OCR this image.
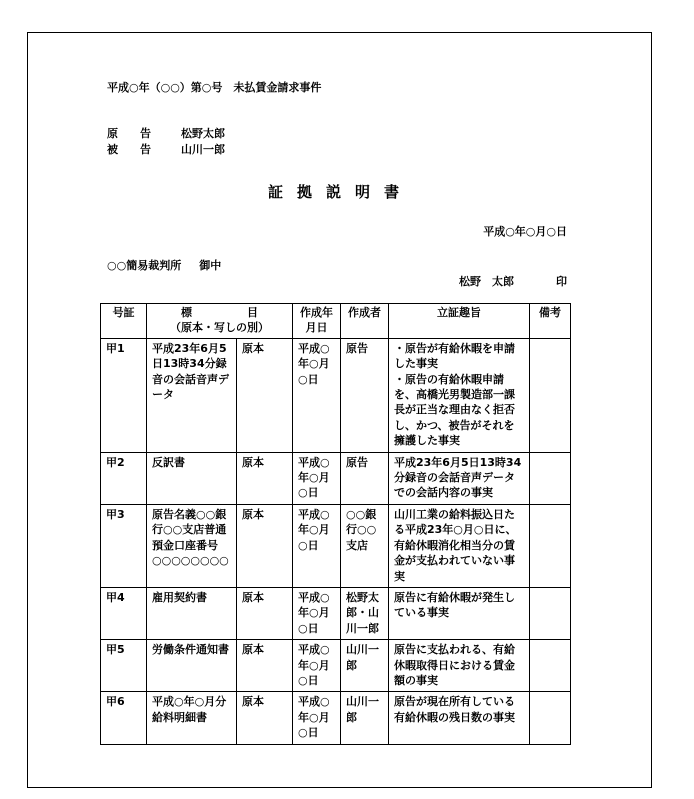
平成○年（○○）第○号　未払賃金請求事件
原　　告	松野太郎
被　　告	山川一郎
証拠説明書
平成○年○月○日
○○簡易裁判所 御中
松野　太郎	印
号証	標　　　　　目
（原本・写しの別）		作成年月日	作成者	立証趣旨	備考
甲1	平成23年6月5日13時34分録音の会話音声データ	原本	平成○年○月○日	原告	・原告が有給休暇を申請した事実
・原告の有給休暇申請を、高橋光男製造部一課長が正当な理由なく拒否し、かつ、被告がそれを擁護した事実	
甲2	反訳書	原本	平成○年○月○日	原告	平成23年6月5日13時34分録音の会話音声データでの会話内容の事実	
甲3	原告名義○○銀行○○支店普通預金口座番号○○○○○○○○	原本	平成○年○月○日	○○銀行○○支店	山川工業の給料振込日たる平成23年○月○日に、有給休暇消化相当分の賃金が支払われていない事実	
甲4	雇用契約書	原本	平成○年○月○日	松野太郎・山川一郎	原告に有給休暇が発生している事実	
甲5	労働条件通知書	原本	平成○年○月○日	山川一郎	原告に支払われる、有給休暇取得日における賃金額の事実	
甲6	平成○年○月分給料明細書	原本	平成○年○月○日	山川一郎	原告が現在所有している有給休暇の残日数の事実	
